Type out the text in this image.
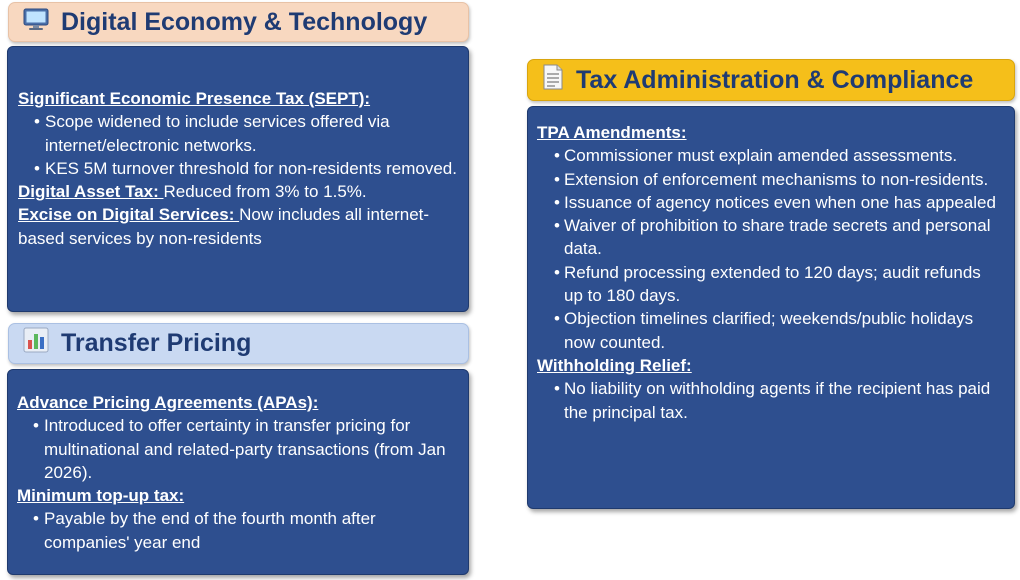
Digital Economy & Technology
Significant Economic Presence Tax (SEPT):
• Scope widened to include services offered via internet/electronic networks.
• KES 5M turnover threshold for non-residents removed.
Digital Asset Tax: Reduced from 3% to 1.5%.
Excise on Digital Services: Now includes all internet-based services by non-residents
Transfer Pricing
Advance Pricing Agreements (APAs):
• Introduced to offer certainty in transfer pricing for multinational and related-party transactions (from Jan 2026).
Minimum top-up tax:
• Payable by the end of the fourth month after companies' year end
Tax Administration & Compliance
TPA Amendments:
• Commissioner must explain amended assessments.
• Extension of enforcement mechanisms to non-residents.
• Issuance of agency notices even when one has appealed
• Waiver of prohibition to share trade secrets and personal data.
• Refund processing extended to 120 days; audit refunds up to 180 days.
• Objection timelines clarified; weekends/public holidays now counted.
Withholding Relief:
• No liability on withholding agents if the recipient has paid the principal tax.
